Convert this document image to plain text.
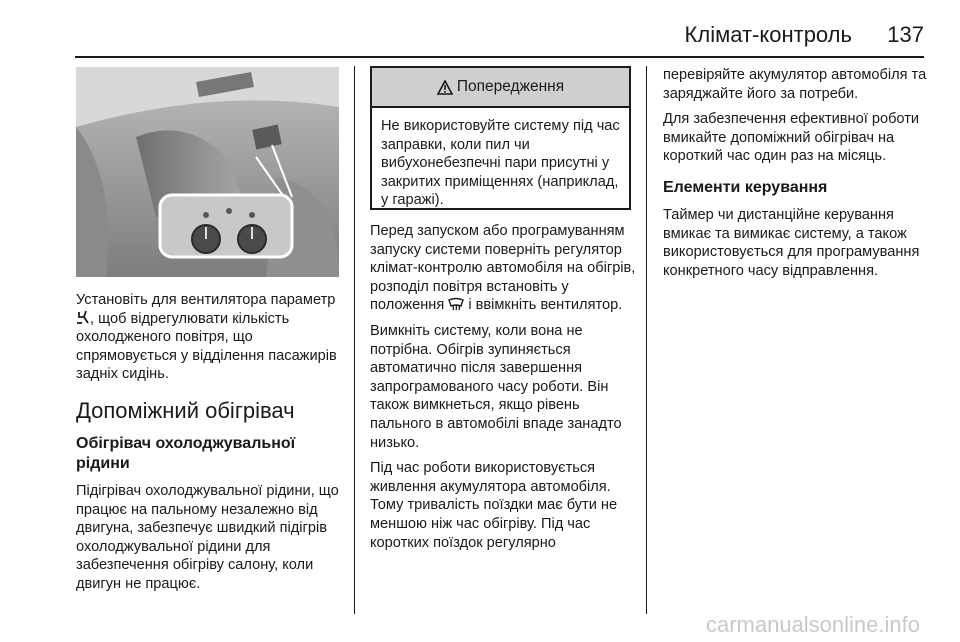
Клімат-контроль 137

Установіть для вентилятора параметр , щоб відрегулювати кількість охолодженого повітря, що спрямовується у відділення пасажирів задніх сидінь.

Допоміжний обігрівач
Обігрівач охолоджувальної рідини

Підігрівач охолоджувальної рідини, що працює на пальному незалежно від двигуна, забезпечує швидкий підігрів охолоджувальної рідини для забезпечення обігріву салону, коли двигун не працює.

Попередження
Не використовуйте систему під час заправки, коли пил чи вибухонебезпечні пари присутні у закритих приміщеннях (наприклад, у гаражі).

Перед запуском або програмуванням запуску системи поверніть регулятор клімат-контролю автомобіля на обігрів, розподіл повітря встановіть у положення  і ввімкніть вентилятор.

Вимкніть систему, коли вона не потрібна. Обігрів зупиняється автоматично після завершення запрограмованого часу роботи. Він також вимкнеться, якщо рівень пального в автомобілі впаде занадто низько.

Під час роботи використовується живлення акумулятора автомобіля. Тому тривалість поїздки має бути не меншою ніж час обігріву. Під час коротких поїздок регулярно

перевіряйте акумулятор автомобіля та заряджайте його за потреби.

Для забезпечення ефективної роботи вмикайте допоміжний обігрівач на короткий час один раз на місяць.

Елементи керування

Таймер чи дистанційне керування вмикає та вимикає систему, а також використовується для програмування конкретного часу відправлення.

carmanualsonline.info
